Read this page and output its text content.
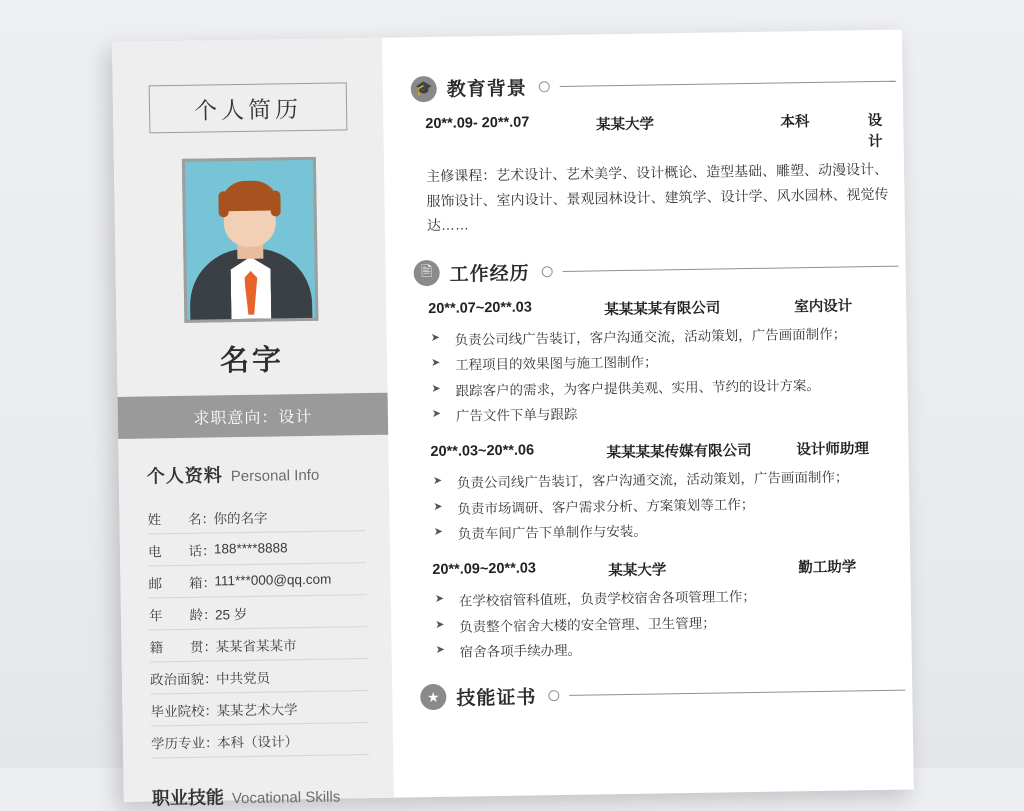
个人简历
名字
求职意向：设计
个人资料 Personal Info
姓　　名：
你的名字
电　　话：
188****8888
邮　　箱：
111***000@qq.com
年　　龄：
25 岁
籍　　贯：
某某省某某市
政治面貌：
中共党员
毕业院校：
某某艺术大学
学历专业：
本科（设计）
职业技能 Vocational Skills
🎓 教育背景
20**.09- 20**.07	某某大学	本科	设计

主修课程：艺术设计、艺术美学、设计概论、造型基础、雕塑、动漫设计、服饰设计、室内设计、景观园林设计、建筑学、设计学、风水园林、视觉传达……

🖹 工作经历
20**.07~20**.03	某某某某有限公司	室内设计
➤ 负责公司线广告装订，客户沟通交流，活动策划，广告画面制作；
➤ 工程项目的效果图与施工图制作；
➤ 跟踪客户的需求，为客户提供美观、实用、节约的设计方案。
➤ 广告文件下单与跟踪
20**.03~20**.06	某某某某传媒有限公司	设计师助理
➤ 负责公司线广告装订，客户沟通交流，活动策划，广告画面制作；
➤ 负责市场调研、客户需求分析、方案策划等工作；
➤ 负责车间广告下单制作与安装。
20**.09~20**.03	某某大学	勤工助学
➤ 在学校宿管科值班，负责学校宿舍各项管理工作；
➤ 负责整个宿舍大楼的安全管理、卫生管理；
➤ 宿舍各项手续办理。
★ 技能证书
